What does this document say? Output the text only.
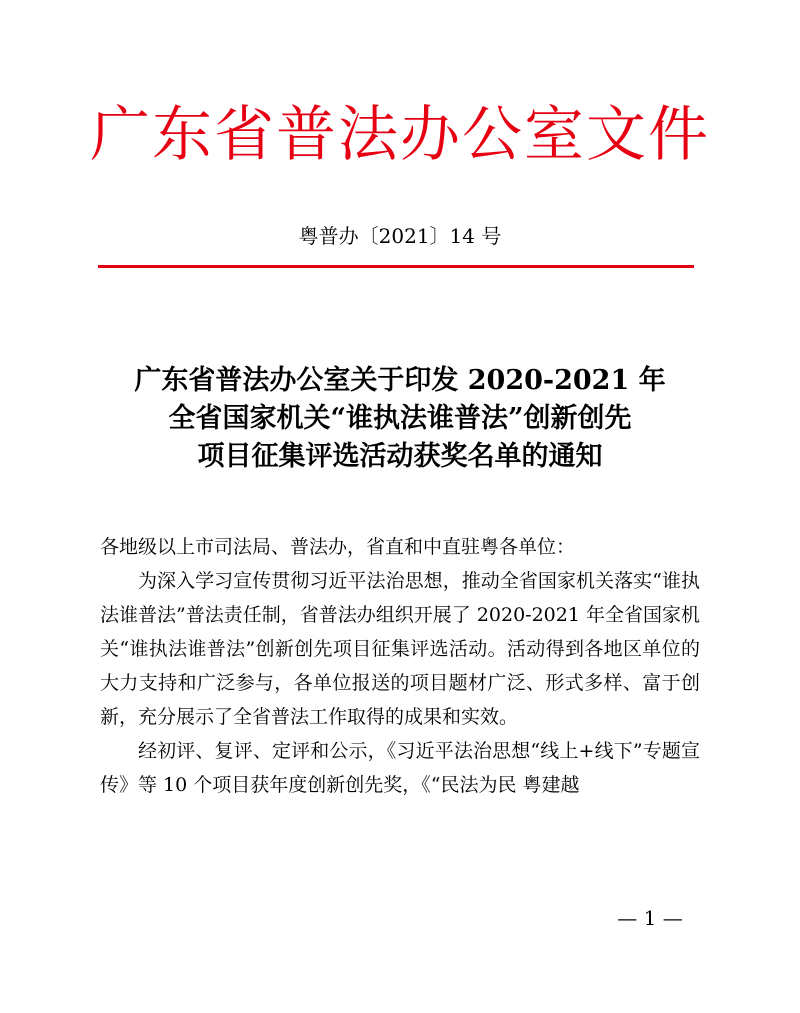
广东省普法办公室文件
粤普办〔2021〕14 号
广东省普法办公室关于印发 2020-2021 年
全省国家机关“谁执法谁普法”创新创先
项目征集评选活动获奖名单的通知
各地级以上市司法局、普法办，省直和中直驻粤各单位：
为深入学习宣传贯彻习近平法治思想，推动全省国家机关落实“谁执法谁普法”普法责任制，省普法办组织开展了 2020-2021 年全省国家机关“谁执法谁普法”创新创先项目征集评选活动。活动得到各地区单位的大力支持和广泛参与，各单位报送的项目题材广泛、形式多样、富于创新，充分展示了全省普法工作取得的成果和实效。
经初评、复评、定评和公示，《习近平法治思想“线上+线下”专题宣传》等 10 个项目获年度创新创先奖，《“民法为民 粤建越
— 1 —
